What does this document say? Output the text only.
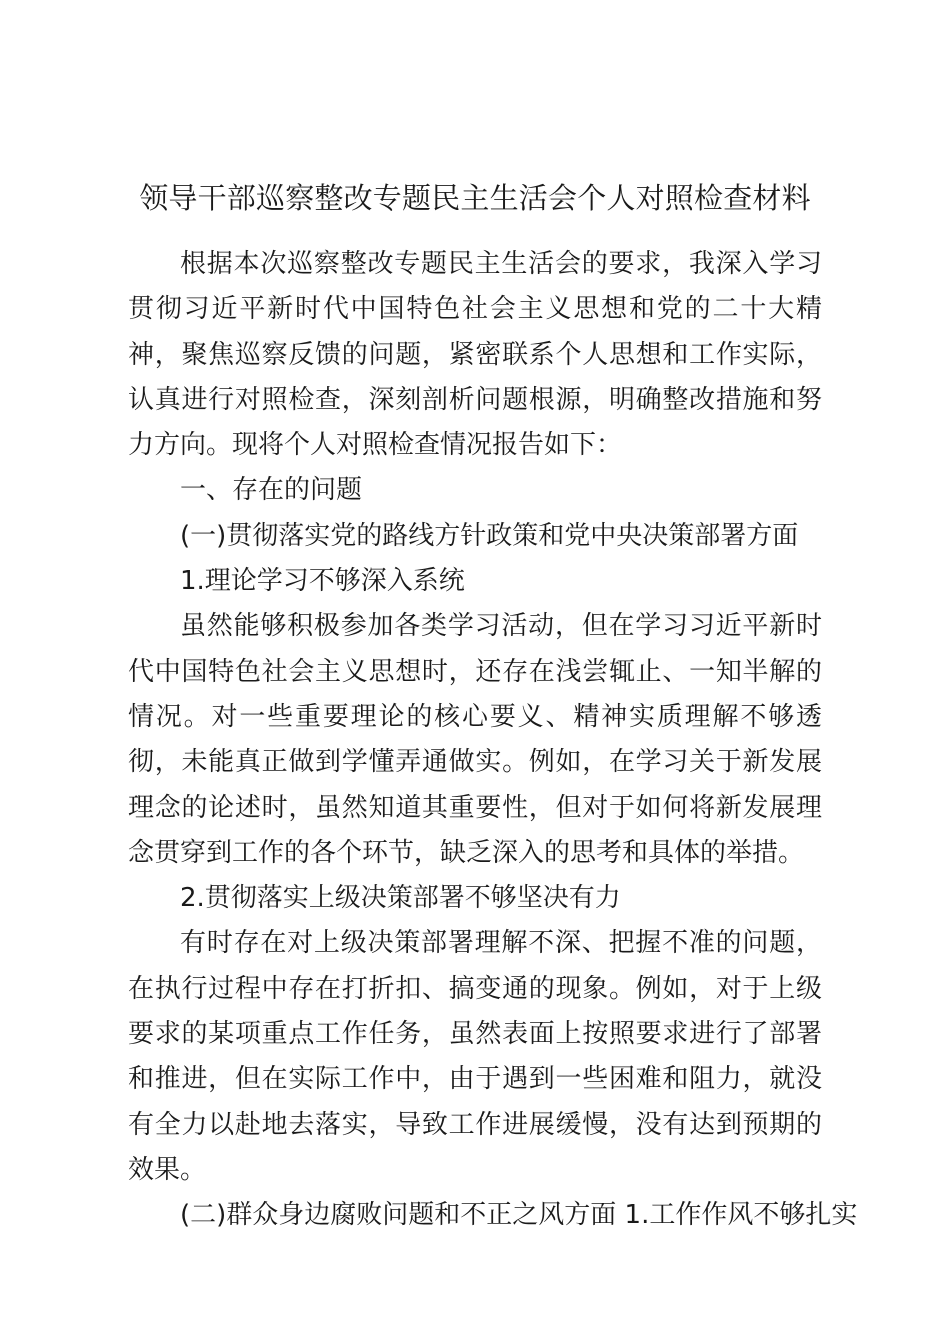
领导干部巡察整改专题民主生活会个人对照检查材料

根据本次巡察整改专题民主生活会的要求，我深入学习贯彻习近平新时代中国特色社会主义思想和党的二十大精神，聚焦巡察反馈的问题，紧密联系个人思想和工作实际，认真进行对照检查，深刻剖析问题根源，明确整改措施和努力方向。现将个人对照检查情况报告如下：

一、存在的问题

(一)贯彻落实党的路线方针政策和党中央决策部署方面

1.理论学习不够深入系统

虽然能够积极参加各类学习活动，但在学习习近平新时代中国特色社会主义思想时，还存在浅尝辄止、一知半解的情况。对一些重要理论的核心要义、精神实质理解不够透彻，未能真正做到学懂弄通做实。例如，在学习关于新发展理念的论述时，虽然知道其重要性，但对于如何将新发展理念贯穿到工作的各个环节，缺乏深入的思考和具体的举措。

2.贯彻落实上级决策部署不够坚决有力

有时存在对上级决策部署理解不深、把握不准的问题，在执行过程中存在打折扣、搞变通的现象。例如，对于上级要求的某项重点工作任务，虽然表面上按照要求进行了部署和推进，但在实际工作中，由于遇到一些困难和阻力，就没有全力以赴地去落实，导致工作进展缓慢，没有达到预期的效果。

(二)群众身边腐败问题和不正之风方面 1.工作作风不够扎实
